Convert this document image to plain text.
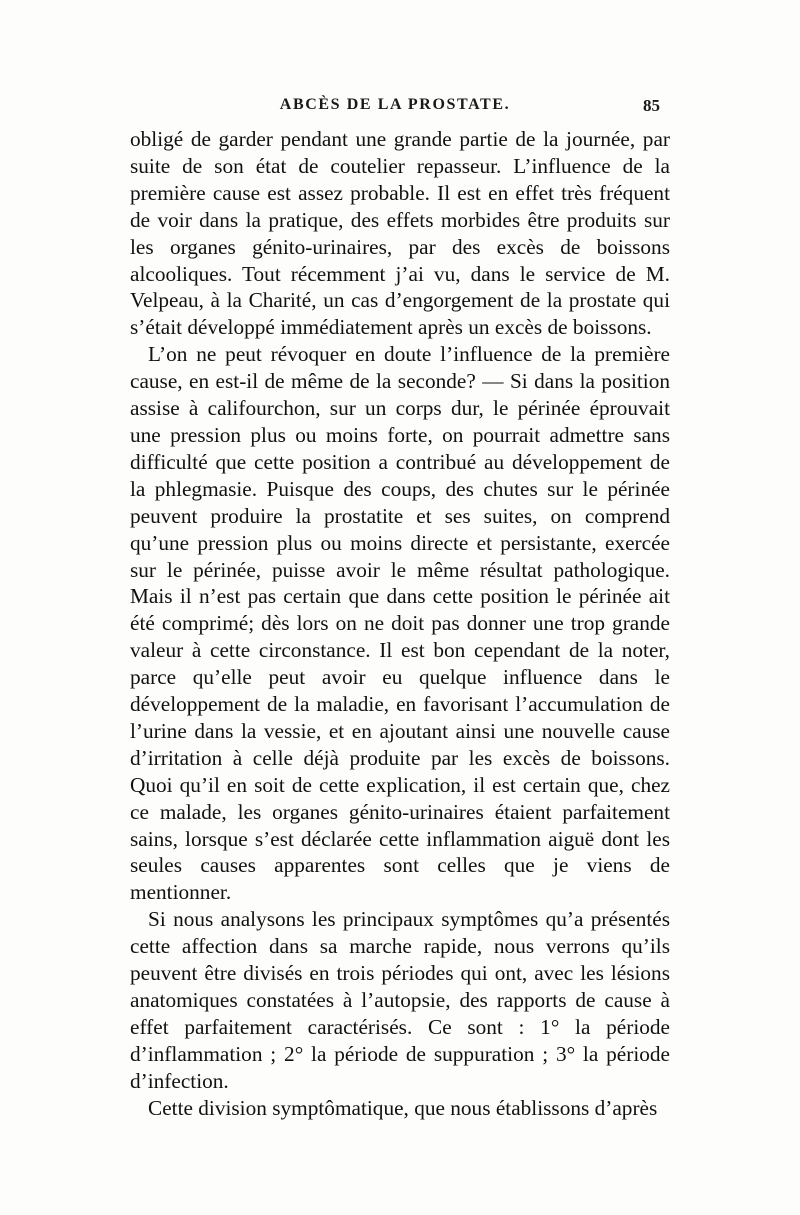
ABCÈS DE LA PROSTATE.	85

obligé de garder pendant une grande partie de la journée, par suite de son état de coutelier repasseur. L’influence de la première cause est assez probable. Il est en effet très fréquent de voir dans la pratique, des effets morbides être produits sur les organes génito-urinaires, par des excès de boissons alcooliques. Tout récemment j’ai vu, dans le service de M. Velpeau, à la Charité, un cas d’engorgement de la prostate qui s’était développé immédiatement après un excès de boissons.

L’on ne peut révoquer en doute l’influence de la première cause, en est-il de même de la seconde? — Si dans la position assise à califourchon, sur un corps dur, le périnée éprouvait une pression plus ou moins forte, on pourrait admettre sans difficulté que cette position a contribué au développement de la phlegmasie. Puisque des coups, des chutes sur le périnée peuvent produire la prostatite et ses suites, on comprend qu’une pression plus ou moins directe et persistante, exercée sur le périnée, puisse avoir le même résultat pathologique. Mais il n’est pas certain que dans cette position le périnée ait été comprimé; dès lors on ne doit pas donner une trop grande valeur à cette circonstance. Il est bon cependant de la noter, parce qu’elle peut avoir eu quelque influence dans le développement de la maladie, en favorisant l’accumulation de l’urine dans la vessie, et en ajoutant ainsi une nouvelle cause d’irritation à celle déjà produite par les excès de boissons. Quoi qu’il en soit de cette explication, il est certain que, chez ce malade, les organes génito-urinaires étaient parfaitement sains, lorsque s’est déclarée cette inflammation aiguë dont les seules causes apparentes sont celles que je viens de mentionner.

Si nous analysons les principaux symptômes qu’a présentés cette affection dans sa marche rapide, nous verrons qu’ils peuvent être divisés en trois périodes qui ont, avec les lésions anatomiques constatées à l’autopsie, des rapports de cause à effet parfaitement caractérisés. Ce sont : 1° la période d’inflammation ; 2° la période de suppuration ; 3° la période d’infection.

Cette division symptômatique, que nous établissons d’après
